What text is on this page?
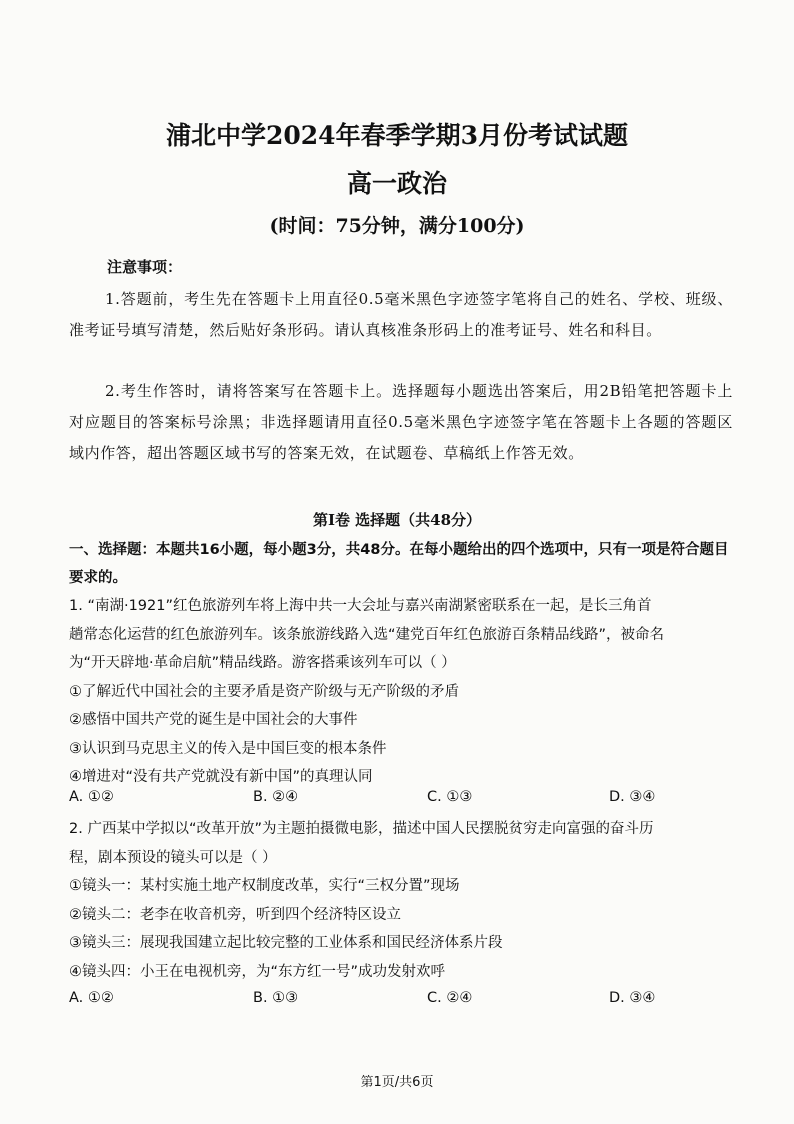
浦北中学2024年春季学期3月份考试试题
高一政治
(时间：75分钟，满分100分)
注意事项：
1.答题前，考生先在答题卡上用直径0.5毫米黑色字迹签字笔将自己的姓名、学校、班级、准考证号填写清楚，然后贴好条形码。请认真核准条形码上的准考证号、姓名和科目。
2.考生作答时，请将答案写在答题卡上。选择题每小题选出答案后，用2B铅笔把答题卡上对应题目的答案标号涂黑；非选择题请用直径0.5毫米黑色字迹签字笔在答题卡上各题的答题区域内作答，超出答题区域书写的答案无效，在试题卷、草稿纸上作答无效。
第Ⅰ卷 选择题（共48分）
一、选择题：本题共16小题，每小题3分，共48分。在每小题给出的四个选项中，只有一项是符合题目要求的。
1. “南湖·1921”红色旅游列车将上海中共一大会址与嘉兴南湖紧密联系在一起，是长三角首
趟常态化运营的红色旅游列车。该条旅游线路入选“建党百年红色旅游百条精品线路”，被命名
为“开天辟地·革命启航”精品线路。游客搭乘该列车可以（ ）
①了解近代中国社会的主要矛盾是资产阶级与无产阶级的矛盾
②感悟中国共产党的诞生是中国社会的大事件
③认识到马克思主义的传入是中国巨变的根本条件
④增进对“没有共产党就没有新中国”的真理认同
A. ①②	B. ②④	C. ①③	D. ③④
2. 广西某中学拟以“改革开放”为主题拍摄微电影，描述中国人民摆脱贫穷走向富强的奋斗历
程，剧本预设的镜头可以是（ ）
①镜头一：某村实施土地产权制度改革，实行“三权分置”现场
②镜头二：老李在收音机旁，听到四个经济特区设立
③镜头三：展现我国建立起比较完整的工业体系和国民经济体系片段
④镜头四：小王在电视机旁，为“东方红一号”成功发射欢呼
A. ①②	B. ①③	C. ②④	D. ③④
第1页/共6页
